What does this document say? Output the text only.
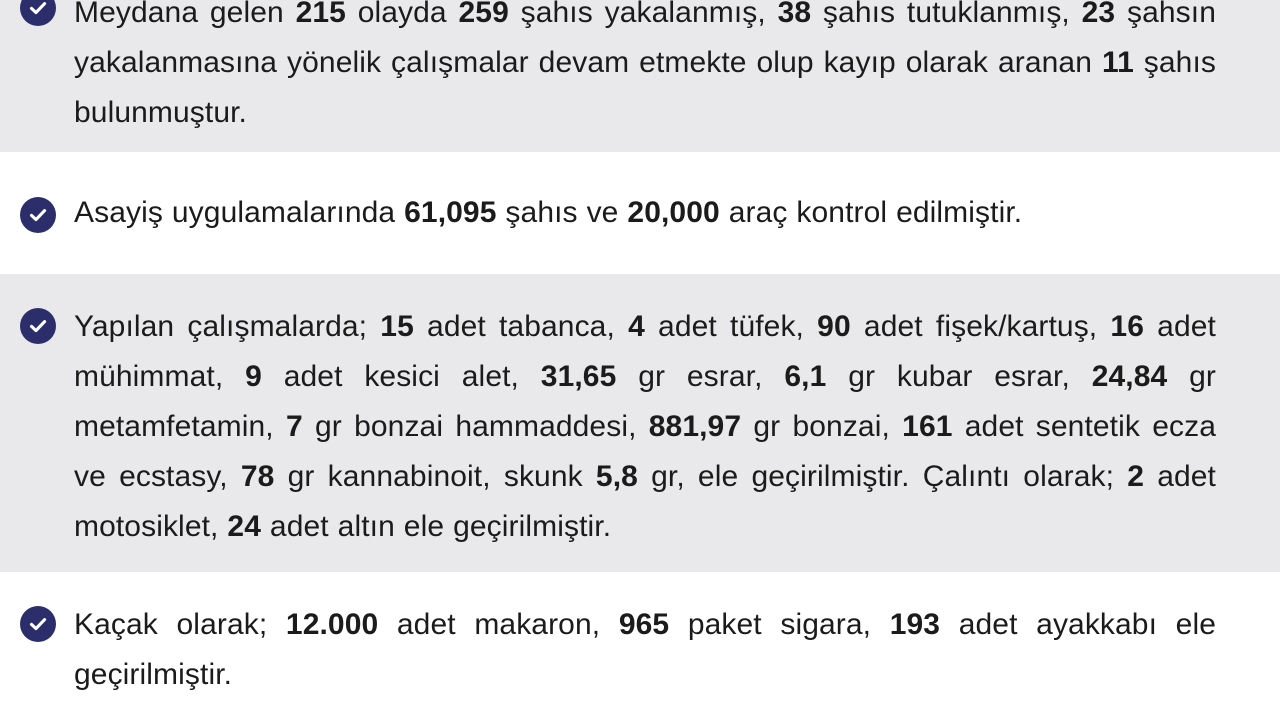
Meydana gelen 215 olayda 259 şahıs yakalanmış, 38 şahıs tutuklanmış, 23 şahsın yakalanmasına yönelik çalışmalar devam etmekte olup kayıp olarak aranan 11 şahıs bulunmuştur.
Asayiş uygulamalarında 61,095 şahıs ve 20,000 araç kontrol edilmiştir.
Yapılan çalışmalarda; 15 adet tabanca, 4 adet tüfek, 90 adet fişek/kartuş, 16 adet mühimmat, 9 adet kesici alet, 31,65 gr esrar, 6,1 gr kubar esrar, 24,84 gr metamfetamin, 7 gr bonzai hammaddesi, 881,97 gr bonzai, 161 adet sentetik ecza ve ecstasy, 78 gr kannabinoit, skunk 5,8 gr, ele geçirilmiştir. Çalıntı olarak; 2 adet motosiklet, 24 adet altın ele geçirilmiştir.
Kaçak olarak; 12.000 adet makaron, 965 paket sigara, 193 adet ayakkabı ele geçirilmiştir.
